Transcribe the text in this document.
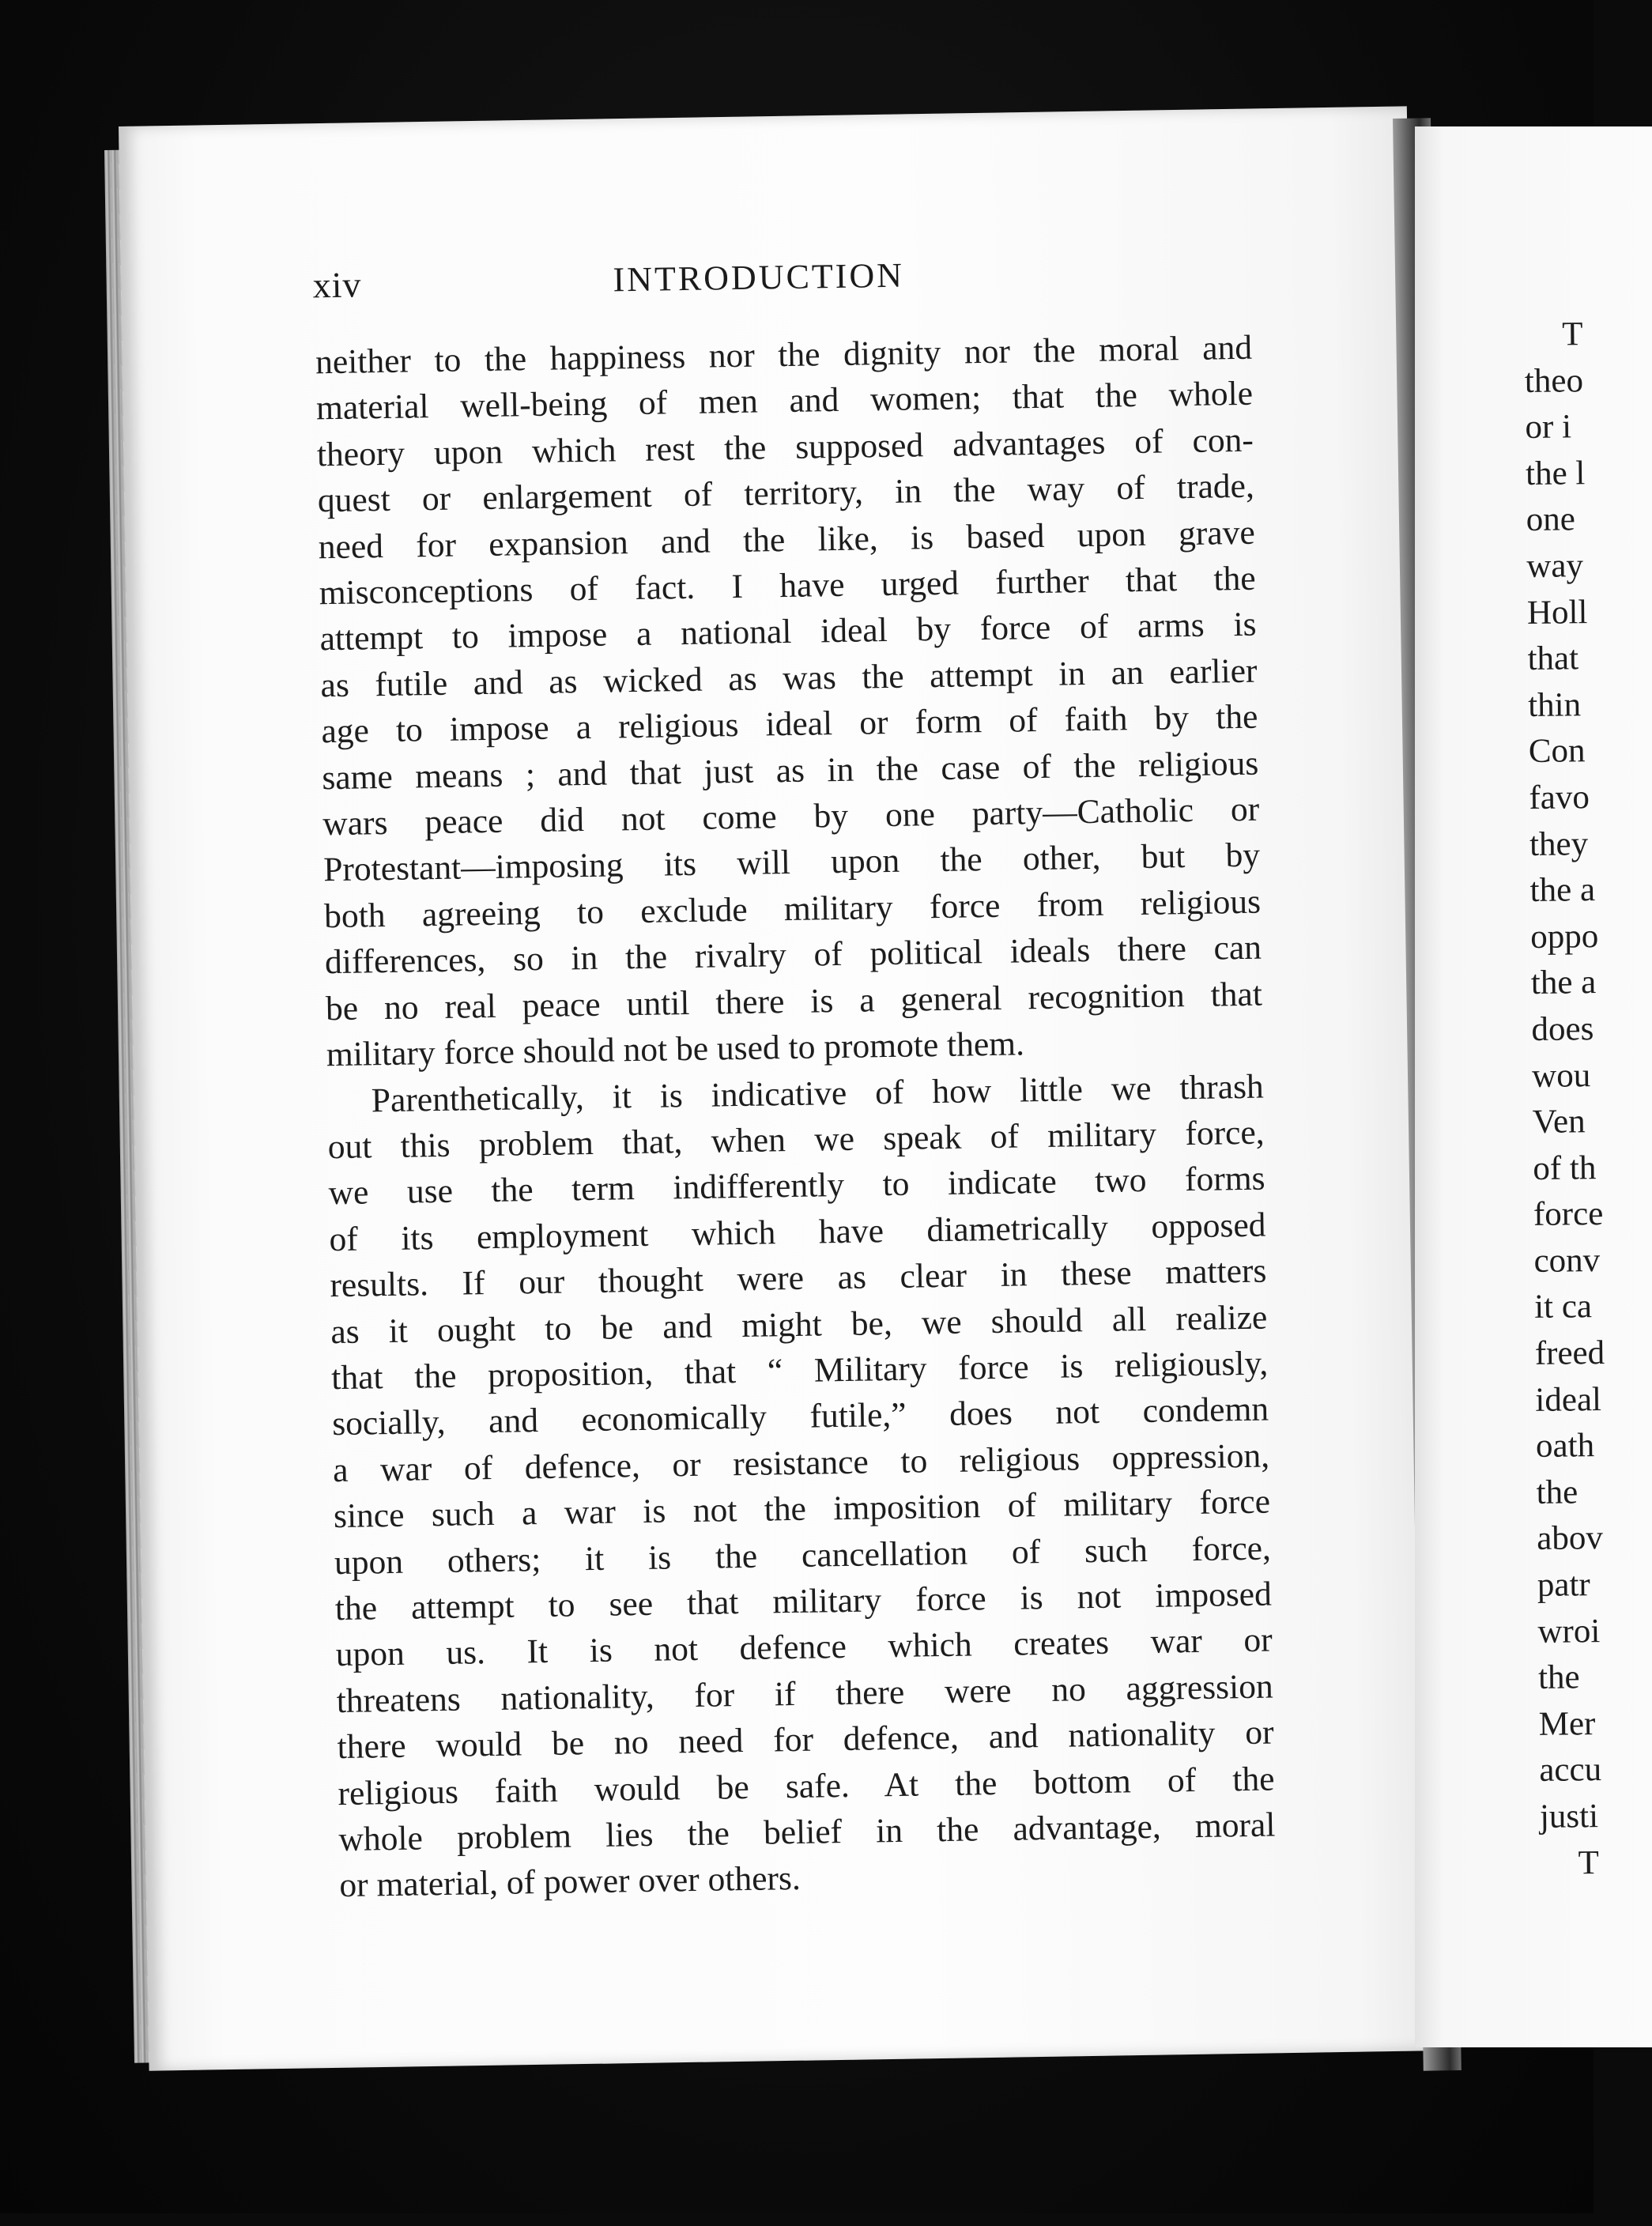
xiv	INTRODUCTION

neither to the happiness nor the dignity nor the moral and

material well-being of men and women; that the whole

theory upon which rest the supposed advantages of con-

quest or enlargement of territory, in the way of trade,

need for expansion and the like, is based upon grave

misconceptions of fact. I have urged further that the

attempt to impose a national ideal by force of arms is

as futile and as wicked as was the attempt in an earlier

age to impose a religious ideal or form of faith by the

same means ; and that just as in the case of the religious

wars peace did not come by one party—Catholic or

Protestant—imposing its will upon the other, but by

both agreeing to exclude military force from religious

differences, so in the rivalry of political ideals there can

be no real peace until there is a general recognition that

military force should not be used to promote them.

Parenthetically, it is indicative of how little we thrash

out this problem that, when we speak of military force,

we use the term indifferently to indicate two forms

of its employment which have diametrically opposed

results. If our thought were as clear in these matters

as it ought to be and might be, we should all realize

that the proposition, that “ Military force is religiously,

socially, and economically futile,” does not condemn

a war of defence, or resistance to religious oppression,

since such a war is not the imposition of military force

upon others; it is the cancellation of such force,

the attempt to see that military force is not imposed

upon us. It is not defence which creates war or

threatens nationality, for if there were no aggression

there would be no need for defence, and nationality or

religious faith would be safe. At the bottom of the

whole problem lies the belief in the advantage, moral

or material, of power over others.

T
theo
or i
the l
one
way
Holl
that
thin
Con
favo
they
the a
oppo
the a
does
wou
Ven
of th
force
conv
it ca
freed
ideal
oath
the
abov
patr
wroi
the
Mer
accu
justi
T
